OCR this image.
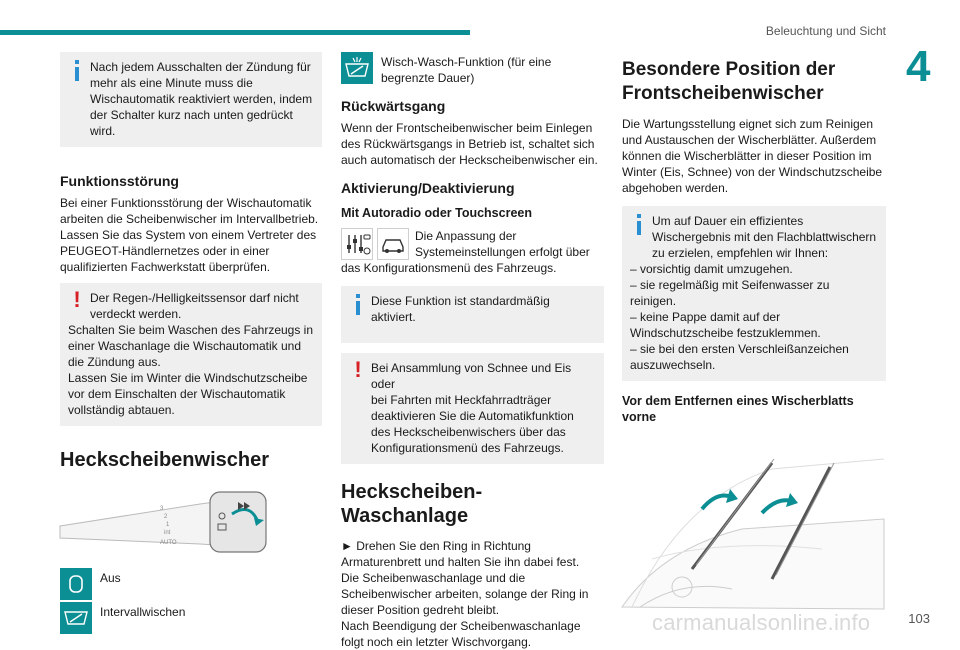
Beleuchtung und Sicht
4
Nach jedem Ausschalten der Zündung für
mehr als eine Minute muss die Wischautomatik reaktiviert werden, indem der Schalter kurz nach unten gedrückt wird.
Funktionsstörung

Bei einer Funktionsstörung der Wischautomatik arbeiten die Scheibenwischer im Intervallbetrieb. Lassen Sie das System von einem Vertreter des PEUGEOT-Händlernetzes oder in einer qualifizierten Fachwerkstatt überprüfen.

! Der Regen-/Helligkeitssensor darf nicht
verdeckt werden.
Schalten Sie beim Waschen des Fahrzeugs in einer Waschanlage die Wischautomatik und die Zündung aus.
Lassen Sie im Winter die Windschutzscheibe vor dem Einschalten der Wischautomatik vollständig abtauen.
Heckscheibenwischer
3
2
1
int
AUTO
Aus
Intervallwischen
Wisch-Wasch-Funktion (für eine begrenzte Dauer)
Rückwärtsgang

Wenn der Frontscheibenwischer beim Einlegen des Rückwärtsgangs in Betrieb ist, schaltet sich auch automatisch der Heckscheibenwischer ein.

Aktivierung/Deaktivierung
Mit Autoradio oder Touchscreen

Die Anpassung der Systemeinstellungen erfolgt über das Konfigurationsmenü des Fahrzeugs.

Diese Funktion ist standardmäßig aktiviert.
! Bei Ansammlung von Schnee und Eis oder
bei Fahrten mit Heckfahrradträger deaktivieren Sie die Automatikfunktion des Heckscheibenwischers über das Konfigurationsmenü des Fahrzeugs.
Heckscheiben-Waschanlage

► Drehen Sie den Ring in Richtung Armaturenbrett und halten Sie ihn dabei fest.

Die Scheibenwaschanlage und die Scheibenwischer arbeiten, solange der Ring in dieser Position gedreht bleibt.

Nach Beendigung der Scheibenwaschanlage folgt noch ein letzter Wischvorgang.

Besondere Position der Frontscheibenwischer

Die Wartungsstellung eignet sich zum Reinigen und Austauschen der Wischerblätter. Außerdem können die Wischerblätter in dieser Position im Winter (Eis, Schnee) von der Windschutzscheibe abgehoben werden.

Um auf Dauer ein effizientes
Wischergebnis mit den Flachblattwischern zu erzielen, empfehlen wir Ihnen:
– vorsichtig damit umzugehen.
– sie regelmäßig mit Seifenwasser zu reinigen.
– keine Pappe damit auf der Windschutzscheibe festzuklemmen.
– sie bei den ersten Verschleißanzeichen auszuwechseln.
Vor dem Entfernen eines Wischerblatts vorne
103
carmanualsonline.info
